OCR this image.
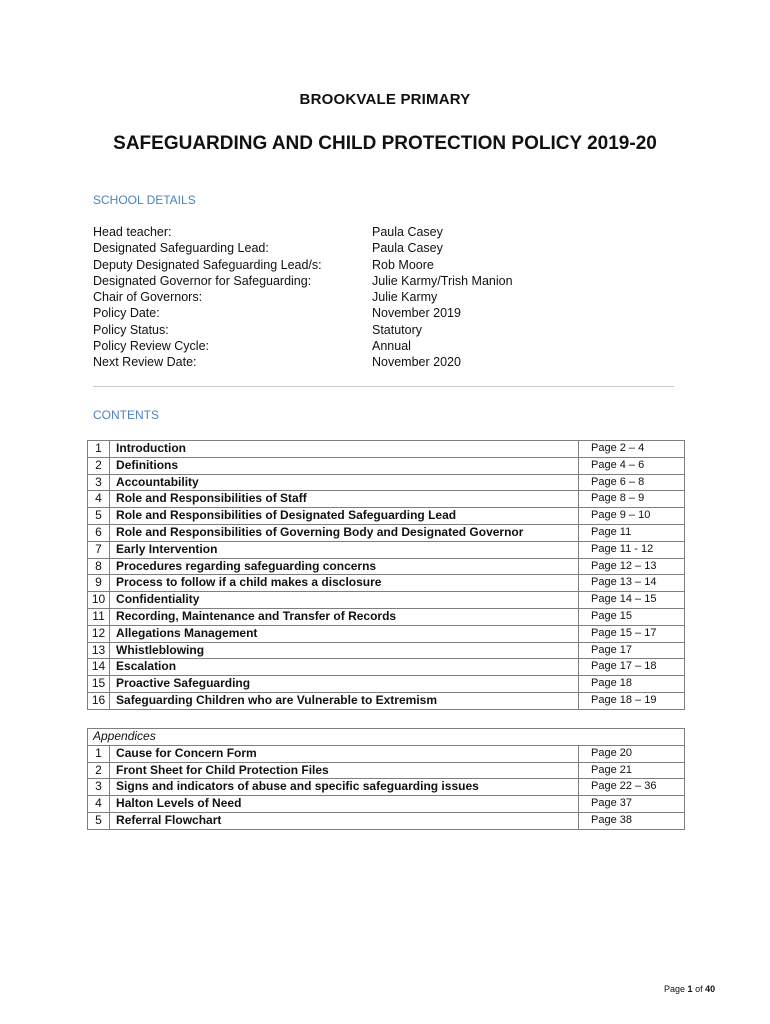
BROOKVALE PRIMARY
SAFEGUARDING AND CHILD PROTECTION POLICY 2019-20
SCHOOL DETAILS
Head teacher:	Paula Casey
Designated Safeguarding Lead:	Paula Casey
Deputy Designated Safeguarding Lead/s:	Rob Moore
Designated Governor for Safeguarding:	Julie Karmy/Trish Manion
Chair of Governors:	Julie Karmy
Policy Date:	November 2019
Policy Status:	Statutory
Policy Review Cycle:	Annual
Next Review Date:	November 2020
CONTENTS
1	Introduction	Page 2 – 4
2	Definitions	Page 4 – 6
3	Accountability	Page 6 – 8
4	Role and Responsibilities of Staff	Page 8 – 9
5	Role and Responsibilities of Designated Safeguarding Lead	Page 9 – 10
6	Role and Responsibilities of Governing Body and Designated Governor	Page 11
7	Early Intervention	Page 11 - 12
8	Procedures regarding safeguarding concerns	Page 12 – 13
9	Process to follow if a child makes a disclosure	Page 13 – 14
10	Confidentiality	Page 14 – 15
11	Recording, Maintenance and Transfer of Records	Page 15
12	Allegations Management	Page 15 – 17
13	Whistleblowing	Page 17
14	Escalation	Page 17 – 18
15	Proactive Safeguarding	Page 18
16	Safeguarding Children who are Vulnerable to Extremism	Page 18 – 19
Appendices		
1	Cause for Concern Form	Page 20
2	Front Sheet for Child Protection Files	Page 21
3	Signs and indicators of abuse and specific safeguarding issues	Page 22 – 36
4	Halton Levels of Need	Page 37
5	Referral Flowchart	Page 38
Page 1 of 40
